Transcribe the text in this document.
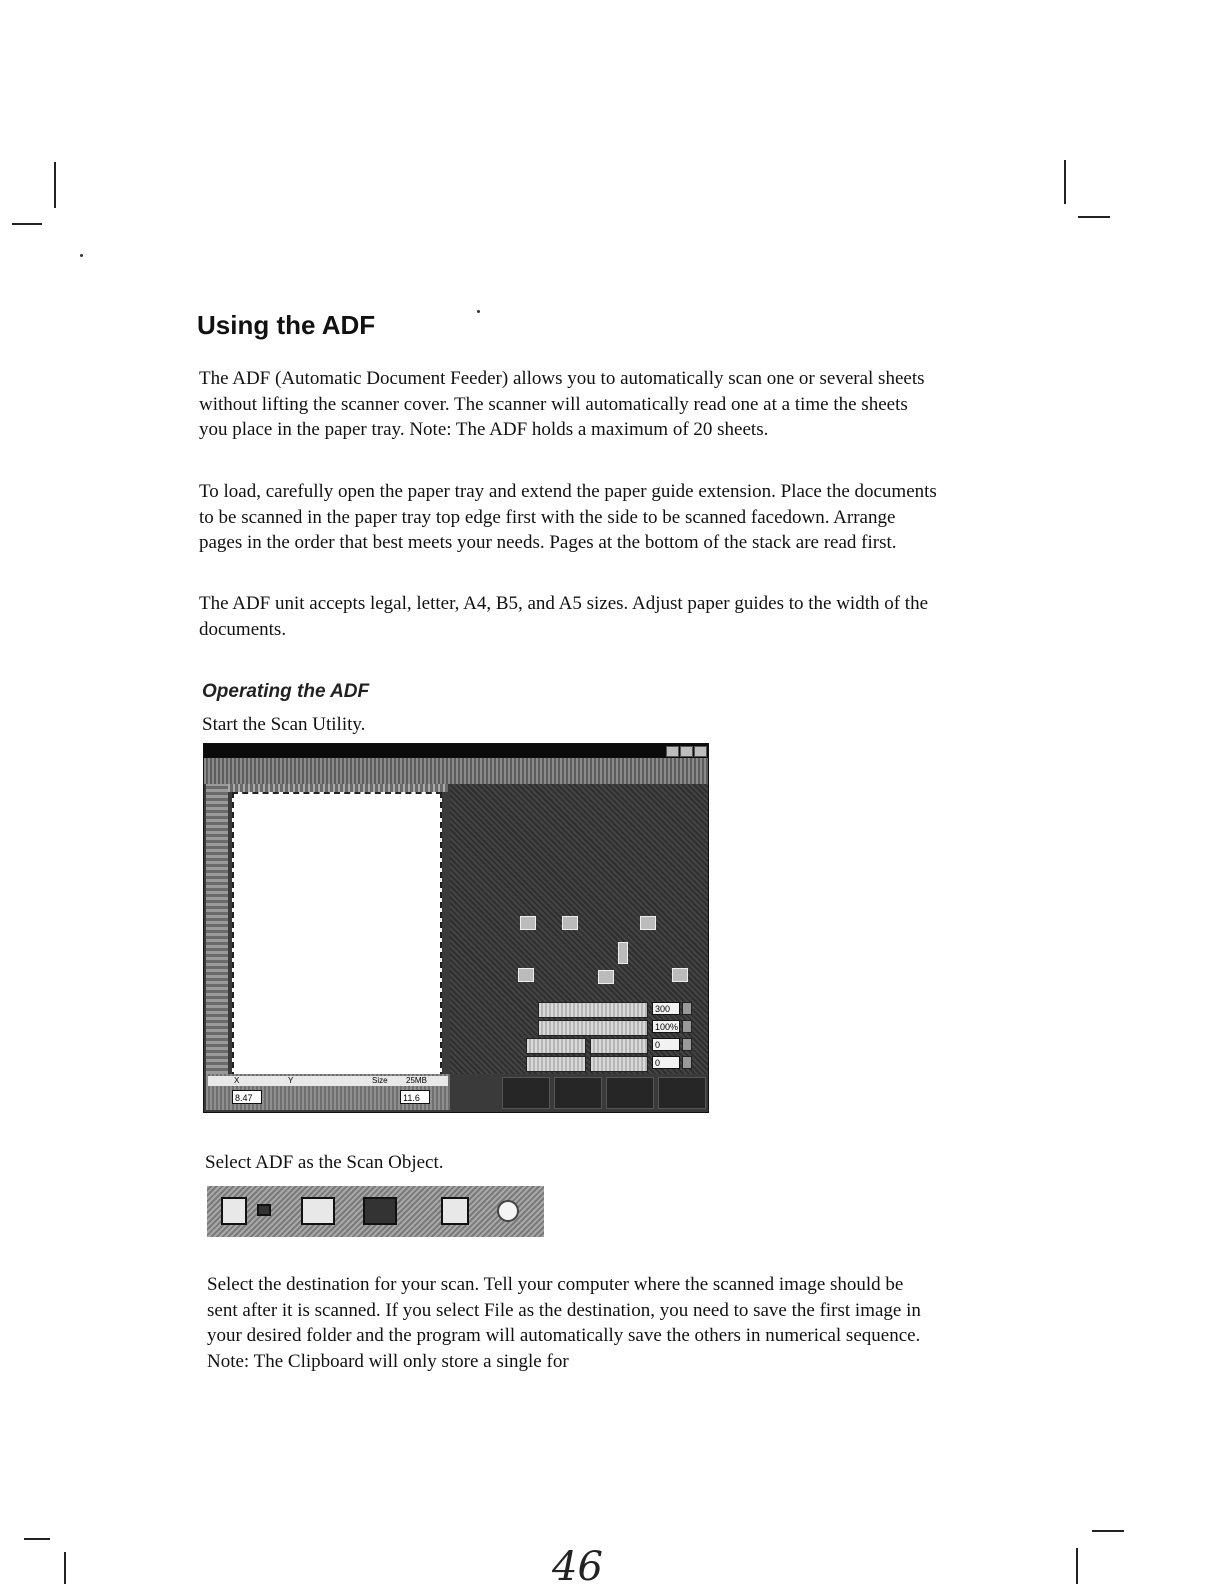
Using the ADF

The ADF (Automatic Document Feeder) allows you to automatically scan one or several sheets without lifting the scanner cover. The scanner will automatically read one at a time the sheets you place in the paper tray. Note: The ADF holds a maximum of 20 sheets.

To load, carefully open the paper tray and extend the paper guide extension. Place the documents to be scanned in the paper tray top edge first with the side to be scanned facedown. Arrange pages in the order that best meets your needs. Pages at the bottom of the stack are read first.

The ADF unit accepts legal, letter, A4, B5, and A5 sizes. Adjust paper guides to the width of the documents.

Operating the ADF

Start the Scan Utility.

300
100%
0
0
X	Y	Size 25MB
8.47	11.6

Select ADF as the Scan Object.

Select the destination for your scan. Tell your computer where the scanned image should be sent after it is scanned. If you select File as the destination, you need to save the first image in your desired folder and the program will automatically save the others in numerical sequence. Note: The Clipboard will only store a single for

46
